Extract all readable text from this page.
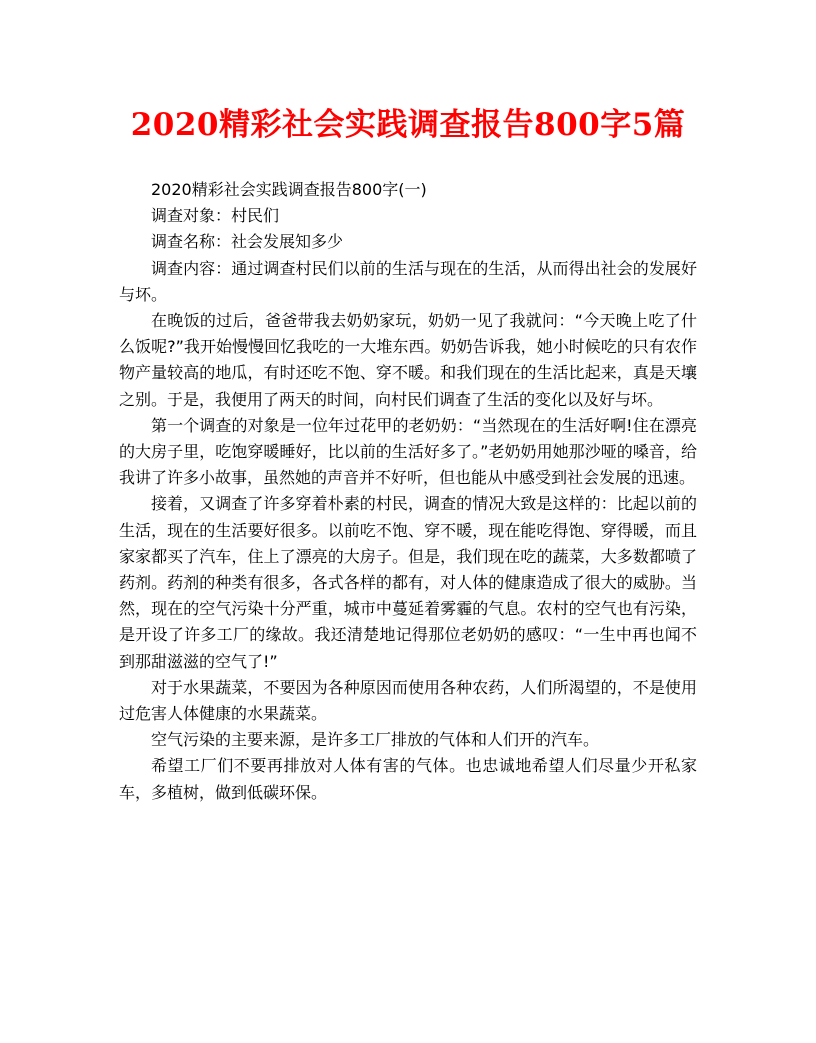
2020精彩社会实践调查报告800字5篇

2020精彩社会实践调查报告800字(一)

调查对象：村民们

调查名称：社会发展知多少

调查内容：通过调查村民们以前的生活与现在的生活，从而得出社会的发展好与坏。

在晚饭的过后，爸爸带我去奶奶家玩，奶奶一见了我就问：“今天晚上吃了什么饭呢?”我开始慢慢回忆我吃的一大堆东西。奶奶告诉我，她小时候吃的只有农作物产量较高的地瓜，有时还吃不饱、穿不暖。和我们现在的生活比起来，真是天壤之别。于是，我便用了两天的时间，向村民们调查了生活的变化以及好与坏。

第一个调查的对象是一位年过花甲的老奶奶：“当然现在的生活好啊!住在漂亮的大房子里，吃饱穿暖睡好，比以前的生活好多了。”老奶奶用她那沙哑的嗓音，给我讲了许多小故事，虽然她的声音并不好听，但也能从中感受到社会发展的迅速。

接着，又调查了许多穿着朴素的村民，调查的情况大致是这样的：比起以前的生活，现在的生活要好很多。以前吃不饱、穿不暖，现在能吃得饱、穿得暖，而且家家都买了汽车，住上了漂亮的大房子。但是，我们现在吃的蔬菜，大多数都喷了药剂。药剂的种类有很多，各式各样的都有，对人体的健康造成了很大的威胁。当然，现在的空气污染十分严重，城市中蔓延着雾霾的气息。农村的空气也有污染，是开设了许多工厂的缘故。我还清楚地记得那位老奶奶的感叹：“一生中再也闻不到那甜滋滋的空气了!”

对于水果蔬菜，不要因为各种原因而使用各种农药，人们所渴望的，不是使用过危害人体健康的水果蔬菜。

空气污染的主要来源，是许多工厂排放的气体和人们开的汽车。

希望工厂们不要再排放对人体有害的气体。也忠诚地希望人们尽量少开私家车，多植树，做到低碳环保。
